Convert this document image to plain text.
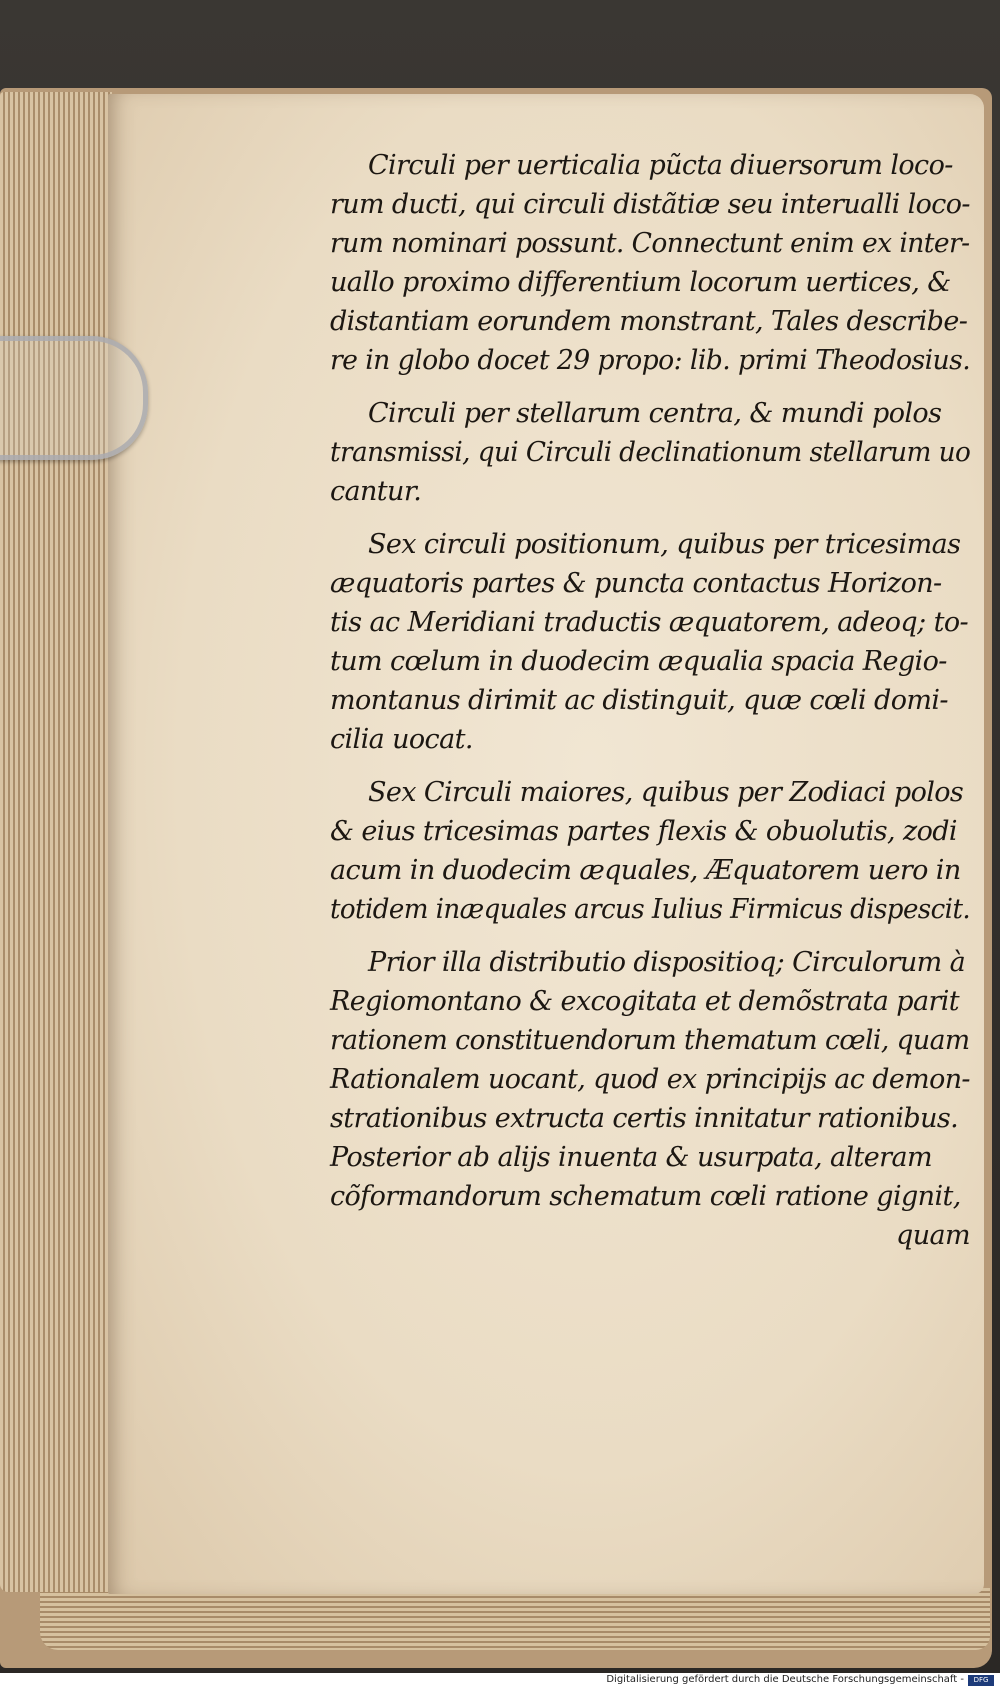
Circuli per uerticalia pũcta diuersorum loco-
rum ducti, qui circuli distãtiæ seu interualli loco-
rum nominari possunt. Connectunt enim ex inter-
uallo proximo differentium locorum uertices, &
distantiam eorundem monstrant, Tales describe-
re in globo docet 29 propo: lib. primi Theodosius.
Circuli per stellarum centra, & mundi polos
transmissi, qui Circuli declinationum stellarum uo
cantur.
Sex circuli positionum, quibus per tricesimas
æquatoris partes & puncta contactus Horizon-
tis ac Meridiani traductis æquatorem, adeoq; to-
tum cœlum in duodecim æqualia spacia Regio-
montanus dirimit ac distinguit, quæ cœli domi-
cilia uocat.
Sex Circuli maiores, quibus per Zodiaci polos
& eius tricesimas partes flexis & obuolutis, zodi
acum in duodecim æquales, Æquatorem uero in
totidem inæquales arcus Iulius Firmicus dispescit.
Prior illa distributio dispositioq; Circulorum à
Regiomontano & excogitata et demõstrata parit
rationem constituendorum thematum cœli, quam
Rationalem uocant, quod ex principijs ac demon-
strationibus extructa certis innitatur rationibus.
Posterior ab alijs inuenta & usurpata, alteram
cõformandorum schematum cœli ratione gignit,
quam
Digitalisierung gefördert durch die Deutsche Forschungsgemeinschaft -	DFG
